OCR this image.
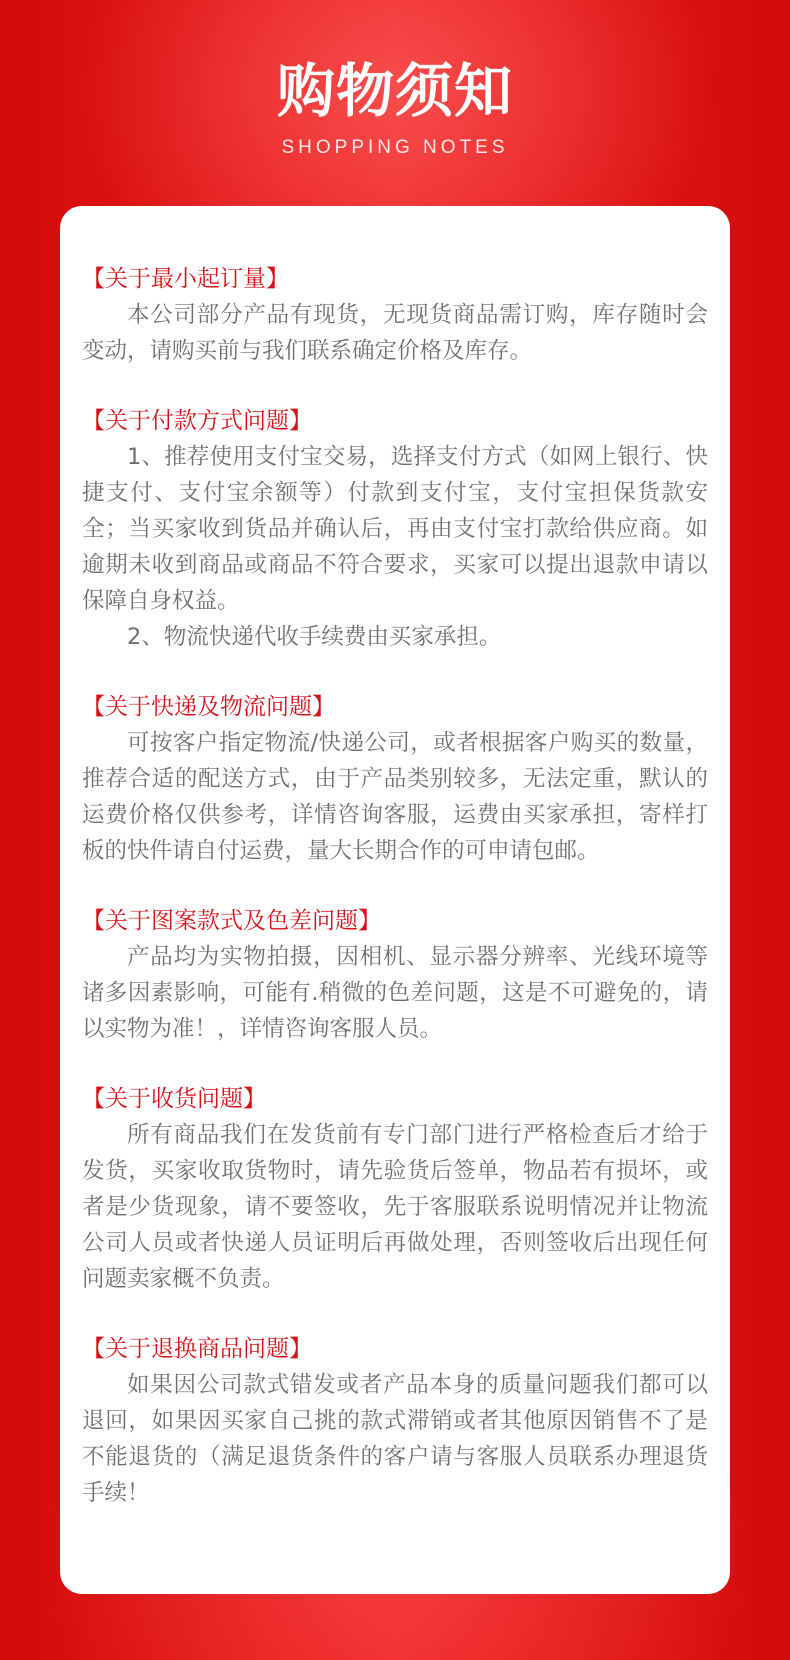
购物须知
SHOPPING NOTES
【关于最小起订量】

本公司部分产品有现货，无现货商品需订购，库存随时会变动，请购买前与我们联系确定价格及库存。

【关于付款方式问题】

1、推荐使用支付宝交易，选择支付方式（如网上银行、快捷支付、支付宝余额等）付款到支付宝，支付宝担保货款安全；当买家收到货品并确认后，再由支付宝打款给供应商。如逾期未收到商品或商品不符合要求，买家可以提出退款申请以保障自身权益。

2、物流快递代收手续费由买家承担。

【关于快递及物流问题】

可按客户指定物流/快递公司，或者根据客户购买的数量，推荐合适的配送方式，由于产品类别较多，无法定重，默认的运费价格仅供参考，详情咨询客服，运费由买家承担，寄样打板的快件请自付运费，量大长期合作的可申请包邮。

【关于图案款式及色差问题】

产品均为实物拍摄，因相机、显示器分辨率、光线环境等诸多因素影响，可能有.稍微的色差问题，这是不可避免的，请以实物为准！，详情咨询客服人员。

【关于收货问题】

所有商品我们在发货前有专门部门进行严格检查后才给于发货，买家收取货物时，请先验货后签单，物品若有损坏，或者是少货现象，请不要签收，先于客服联系说明情况并让物流公司人员或者快递人员证明后再做处理，否则签收后出现任何问题卖家概不负责。

【关于退换商品问题】

如果因公司款式错发或者产品本身的质量问题我们都可以退回，如果因买家自己挑的款式滞销或者其他原因销售不了是不能退货的（满足退货条件的客户请与客服人员联系办理退货手续！
